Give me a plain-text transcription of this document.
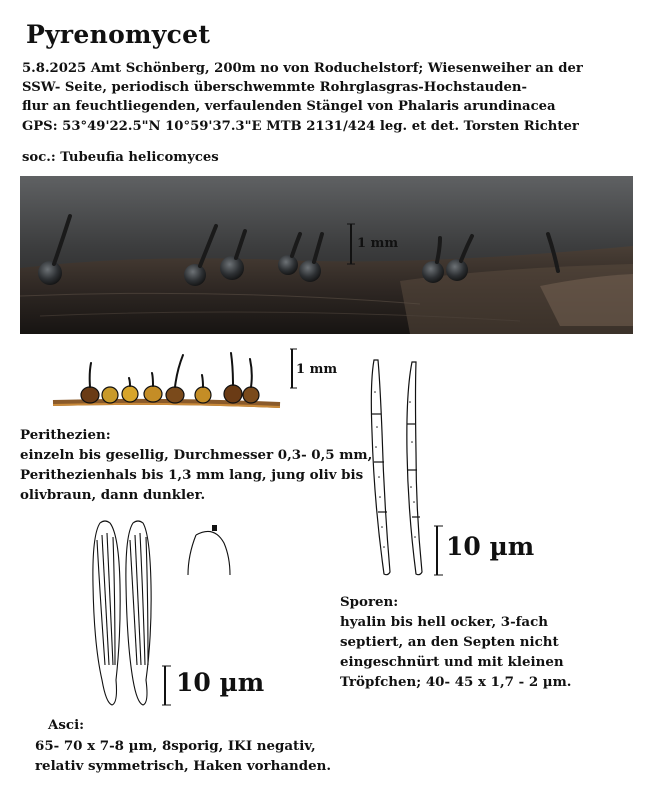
Pyrenomycet
5.8.2025 Amt Schönberg, 200m no von Roduchelstorf; Wiesenweiher an der
SSW- Seite, periodisch überschwemmte Rohrglasgras-Hochstauden-
flur an feuchtliegenden, verfaulenden Stängel von Phalaris arundinacea
GPS: 53°49'22.5"N 10°59'37.3"E MTB 2131/424 leg. et det. Torsten Richter
soc.: Tubeufia helicomyces
1 mm
1 mm
Perithezien:
einzeln bis gesellig, Durchmesser 0,3- 0,5 mm,
Perithezienhals bis 1,3 mm lang, jung oliv bis
olivbraun, dann dunkler.
10 µm
Sporen:
hyalin bis hell ocker, 3-fach
septiert, an den Septen nicht
eingeschnürt und mit kleinen
Tröpfchen; 40- 45 x 1,7 - 2 µm.
10 µm
Asci:
65- 70 x 7-8 µm, 8sporig, IKI negativ,
relativ symmetrisch, Haken vorhanden.
